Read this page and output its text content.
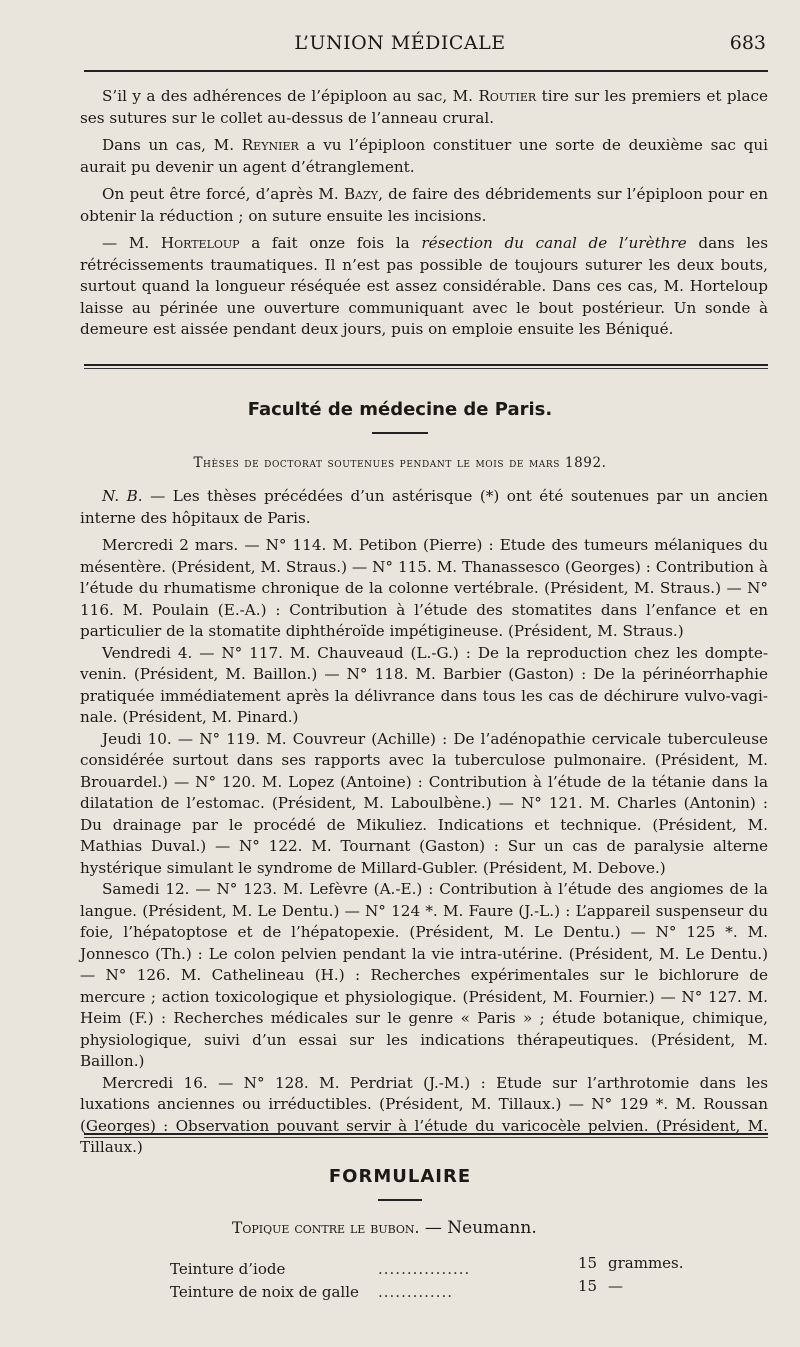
L’UNION MÉDICALE	683

S’il y a des adhérences de l’épiploon au sac, M. Routier tire sur les premiers et place ses sutures sur le collet au-dessus de l’anneau crural.

Dans un cas, M. Reynier a vu l’épiploon constituer une sorte de deuxième sac qui aurait pu devenir un agent d’étranglement.

On peut être forcé, d’après M. Bazy, de faire des débridements sur l’épiploon pour en obtenir la réduction ; on suture ensuite les incisions.

— M. Horteloup a fait onze fois la résection du canal de l’urèthre dans les rétrécissements traumatiques. Il n’est pas possible de toujours suturer les deux bouts, surtout quand la longueur réséquée est assez considérable. Dans ces cas, M. Horteloup laisse au périnée une ouverture communiquant avec le bout postérieur. Un sonde à demeure est aissée pendant deux jours, puis on emploie ensuite les Béniqué.

Faculté de médecine de Paris.
Thèses de doctorat soutenues pendant le mois de mars 1892.

N. B. — Les thèses précédées d’un astérisque (*) ont été soutenues par un ancien interne des hôpitaux de Paris.

Mercredi 2 mars. — N° 114. M. Petibon (Pierre) : Etude des tumeurs mélaniques du mésentère. (Président, M. Straus.) — N° 115. M. Thanassesco (Georges) : Contribution à l’étude du rhumatisme chronique de la colonne vertébrale. (Président, M. Straus.) — N° 116. M. Poulain (E.-A.) : Contribution à l’étude des stomatites dans l’enfance et en particulier de la stomatite diphthéroïde impétigineuse. (Président, M. Straus.)

Vendredi 4. — N° 117. M. Chauveaud (L.-G.) : De la reproduction chez les dompte- venin. (Président, M. Baillon.) — N° 118. M. Barbier (Gaston) : De la périnéorrhaphie pratiquée immédiatement après la délivrance dans tous les cas de déchirure vulvo-vagi- nale. (Président, M. Pinard.)

Jeudi 10. — N° 119. M. Couvreur (Achille) : De l’adénopathie cervicale tuberculeuse considérée surtout dans ses rapports avec la tuberculose pulmonaire. (Président, M. Brouardel.) — N° 120. M. Lopez (Antoine) : Contribution à l’étude de la tétanie dans la dilatation de l’estomac. (Président, M. Laboulbène.) — N° 121. M. Charles (Antonin) : Du drainage par le procédé de Mikuliez. Indications et technique. (Président, M. Mathias Duval.) — N° 122. M. Tournant (Gaston) : Sur un cas de paralysie alterne hystérique simulant le syndrome de Millard-Gubler. (Président, M. Debove.)

Samedi 12. — N° 123. M. Lefèvre (A.-E.) : Contribution à l’étude des angiomes de la langue. (Président, M. Le Dentu.) — N° 124 *. M. Faure (J.-L.) : L’appareil suspenseur du foie, l’hépatoptose et de l’hépatopexie. (Président, M. Le Dentu.) — N° 125 *. M. Jonnesco (Th.) : Le colon pelvien pendant la vie intra-utérine. (Président, M. Le Dentu.) — N° 126. M. Cathelineau (H.) : Recherches expérimentales sur le bichlorure de mercure ; action toxicologique et physiologique. (Président, M. Fournier.) — N° 127. M. Heim (F.) : Recherches médicales sur le genre « Paris » ; étude botanique, chimique, physiologique, suivi d’un essai sur les indications thérapeutiques. (Président, M. Baillon.)

Mercredi 16. — N° 128. M. Perdriat (J.-M.) : Etude sur l’arthrotomie dans les luxations anciennes ou irréductibles. (Président, M. Tillaux.) — N° 129 *. M. Roussan (Georges) : Observation pouvant servir à l’étude du varicocèle pelvien. (Président, M. Tillaux.)

FORMULAIRE
Topique contre le bubon. — Neumann.
Teinture d’iode	................	15 grammes.
Teinture de noix de galle .............	15 —
